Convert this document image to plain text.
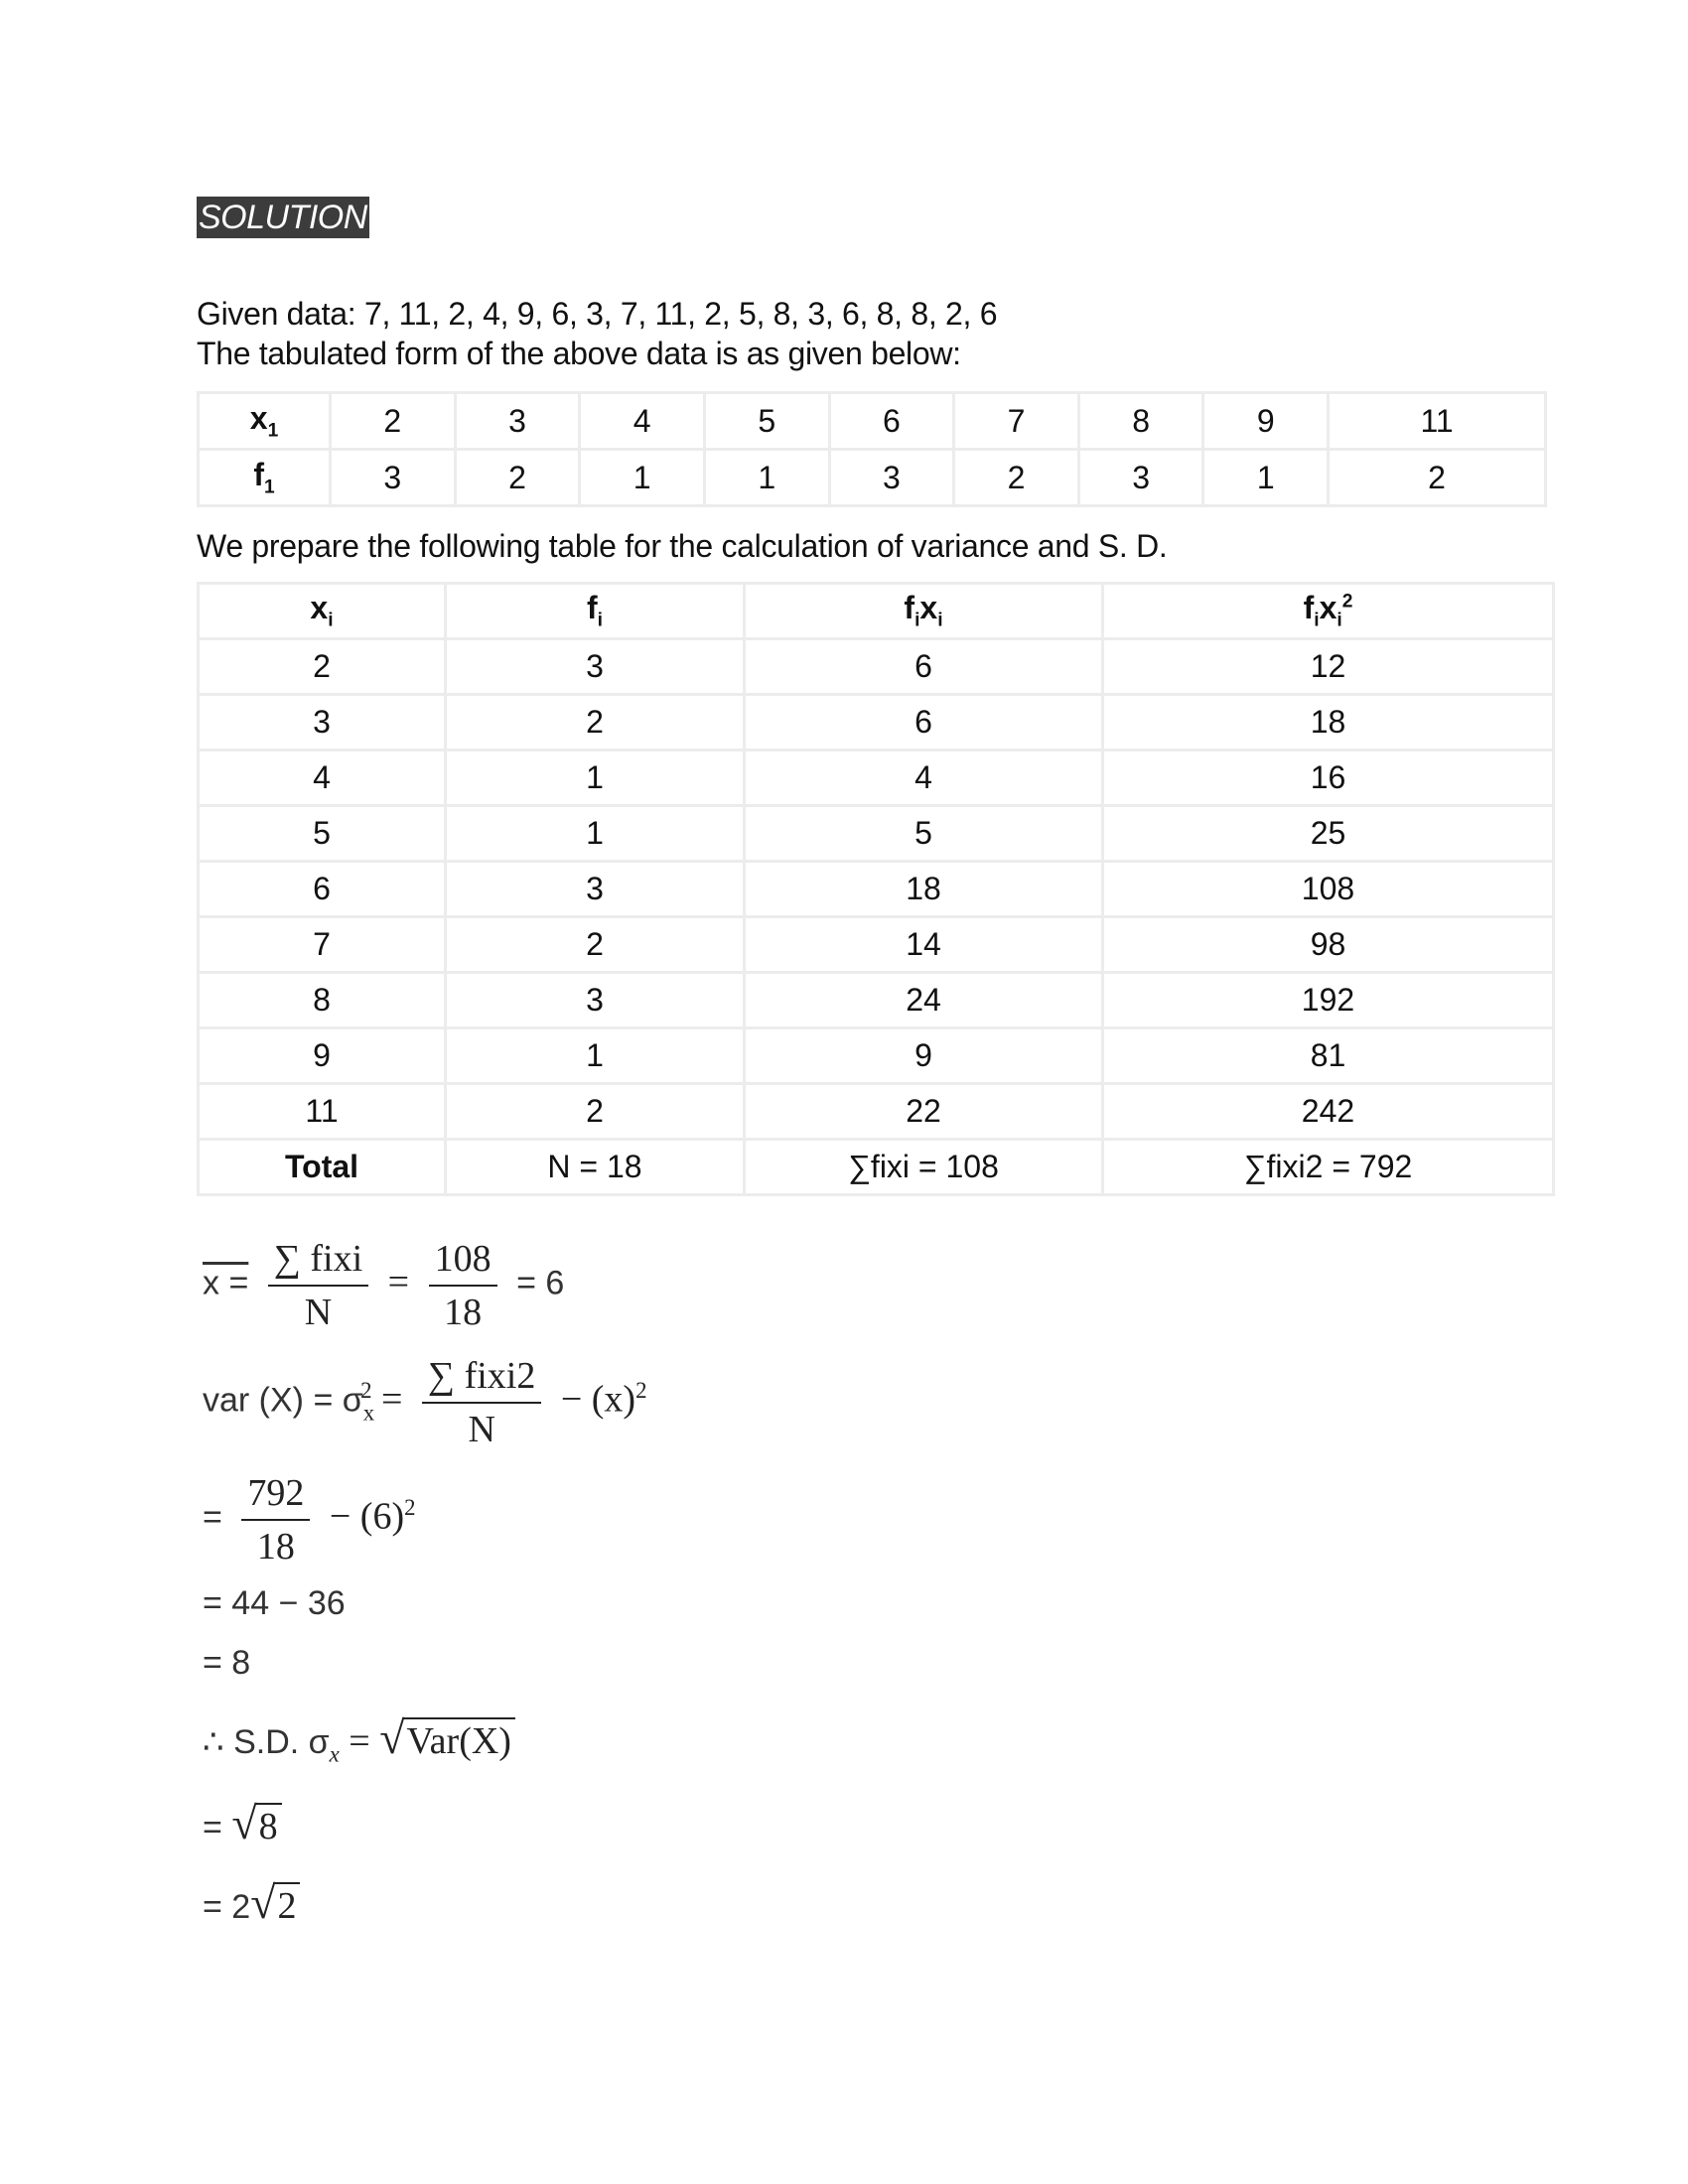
SOLUTION
Given data: 7, 11, 2, 4, 9, 6, 3, 7, 11, 2, 5, 8, 3, 6, 8, 8, 2, 6
The tabulated form of the above data is as given below:
$x_1$	2	3	4	5	6	7	8	9	11
$f_1$	3	2	1	1	3	2	3	1	2
We prepare the following table for the calculation of variance and S. D.
$x_i$	$f_i$	$f_ix_i$	$f_ix_i^2$
2	3	6	12
3	2	6	18
4	1	4	16
5	1	5	25
6	3	18	108
7	2	14	98
8	3	24	192
9	1	9	81
11	2	22	242
Total	N = 18	∑fixi = 108	∑fixi2 = 792
$x = \frac{\text{∑ fixi}}{N} = \frac{108}{18} = 6$
var $(X) = \sigma_x^2 = \frac{\text{∑ fixi2}}{N} - (x)^2$
= $\frac{792}{18} - (6)^2$
= 44 − 36
= 8
∴ S.D. $\sigma_x = √Var(X)$
= √8
= 2√2
